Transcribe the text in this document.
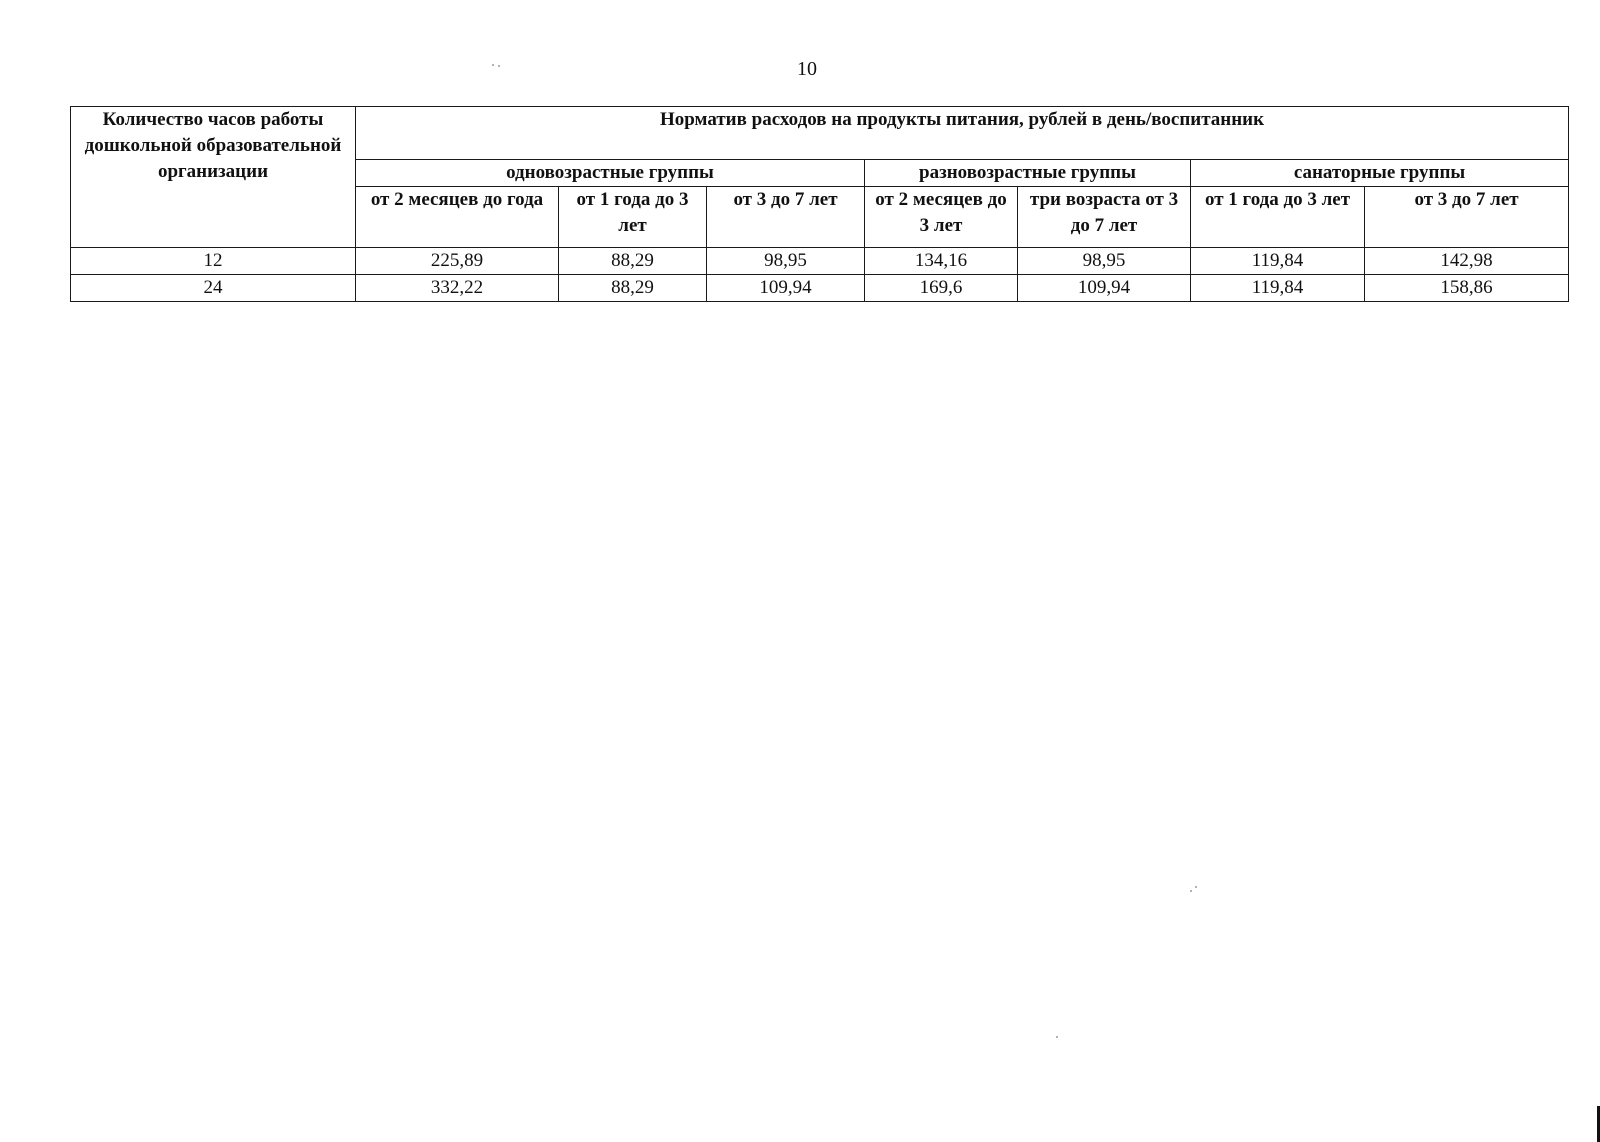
10
Количество часов работы дошкольной образовательной организации	Норматив расходов на продукты питания, рублей в день/воспитанник						
	одновозрастные группы			разновозрастные группы		санаторные группы	
	от 2 месяцев до года	от 1 года до 3 лет	от 3 до 7 лет	от 2 месяцев до 3 лет	три возраста от 3 до 7 лет	от 1 года до 3 лет	от 3 до 7 лет
12	225,89	88,29	98,95	134,16	98,95	119,84	142,98
24	332,22	88,29	109,94	169,6	109,94	119,84	158,86
